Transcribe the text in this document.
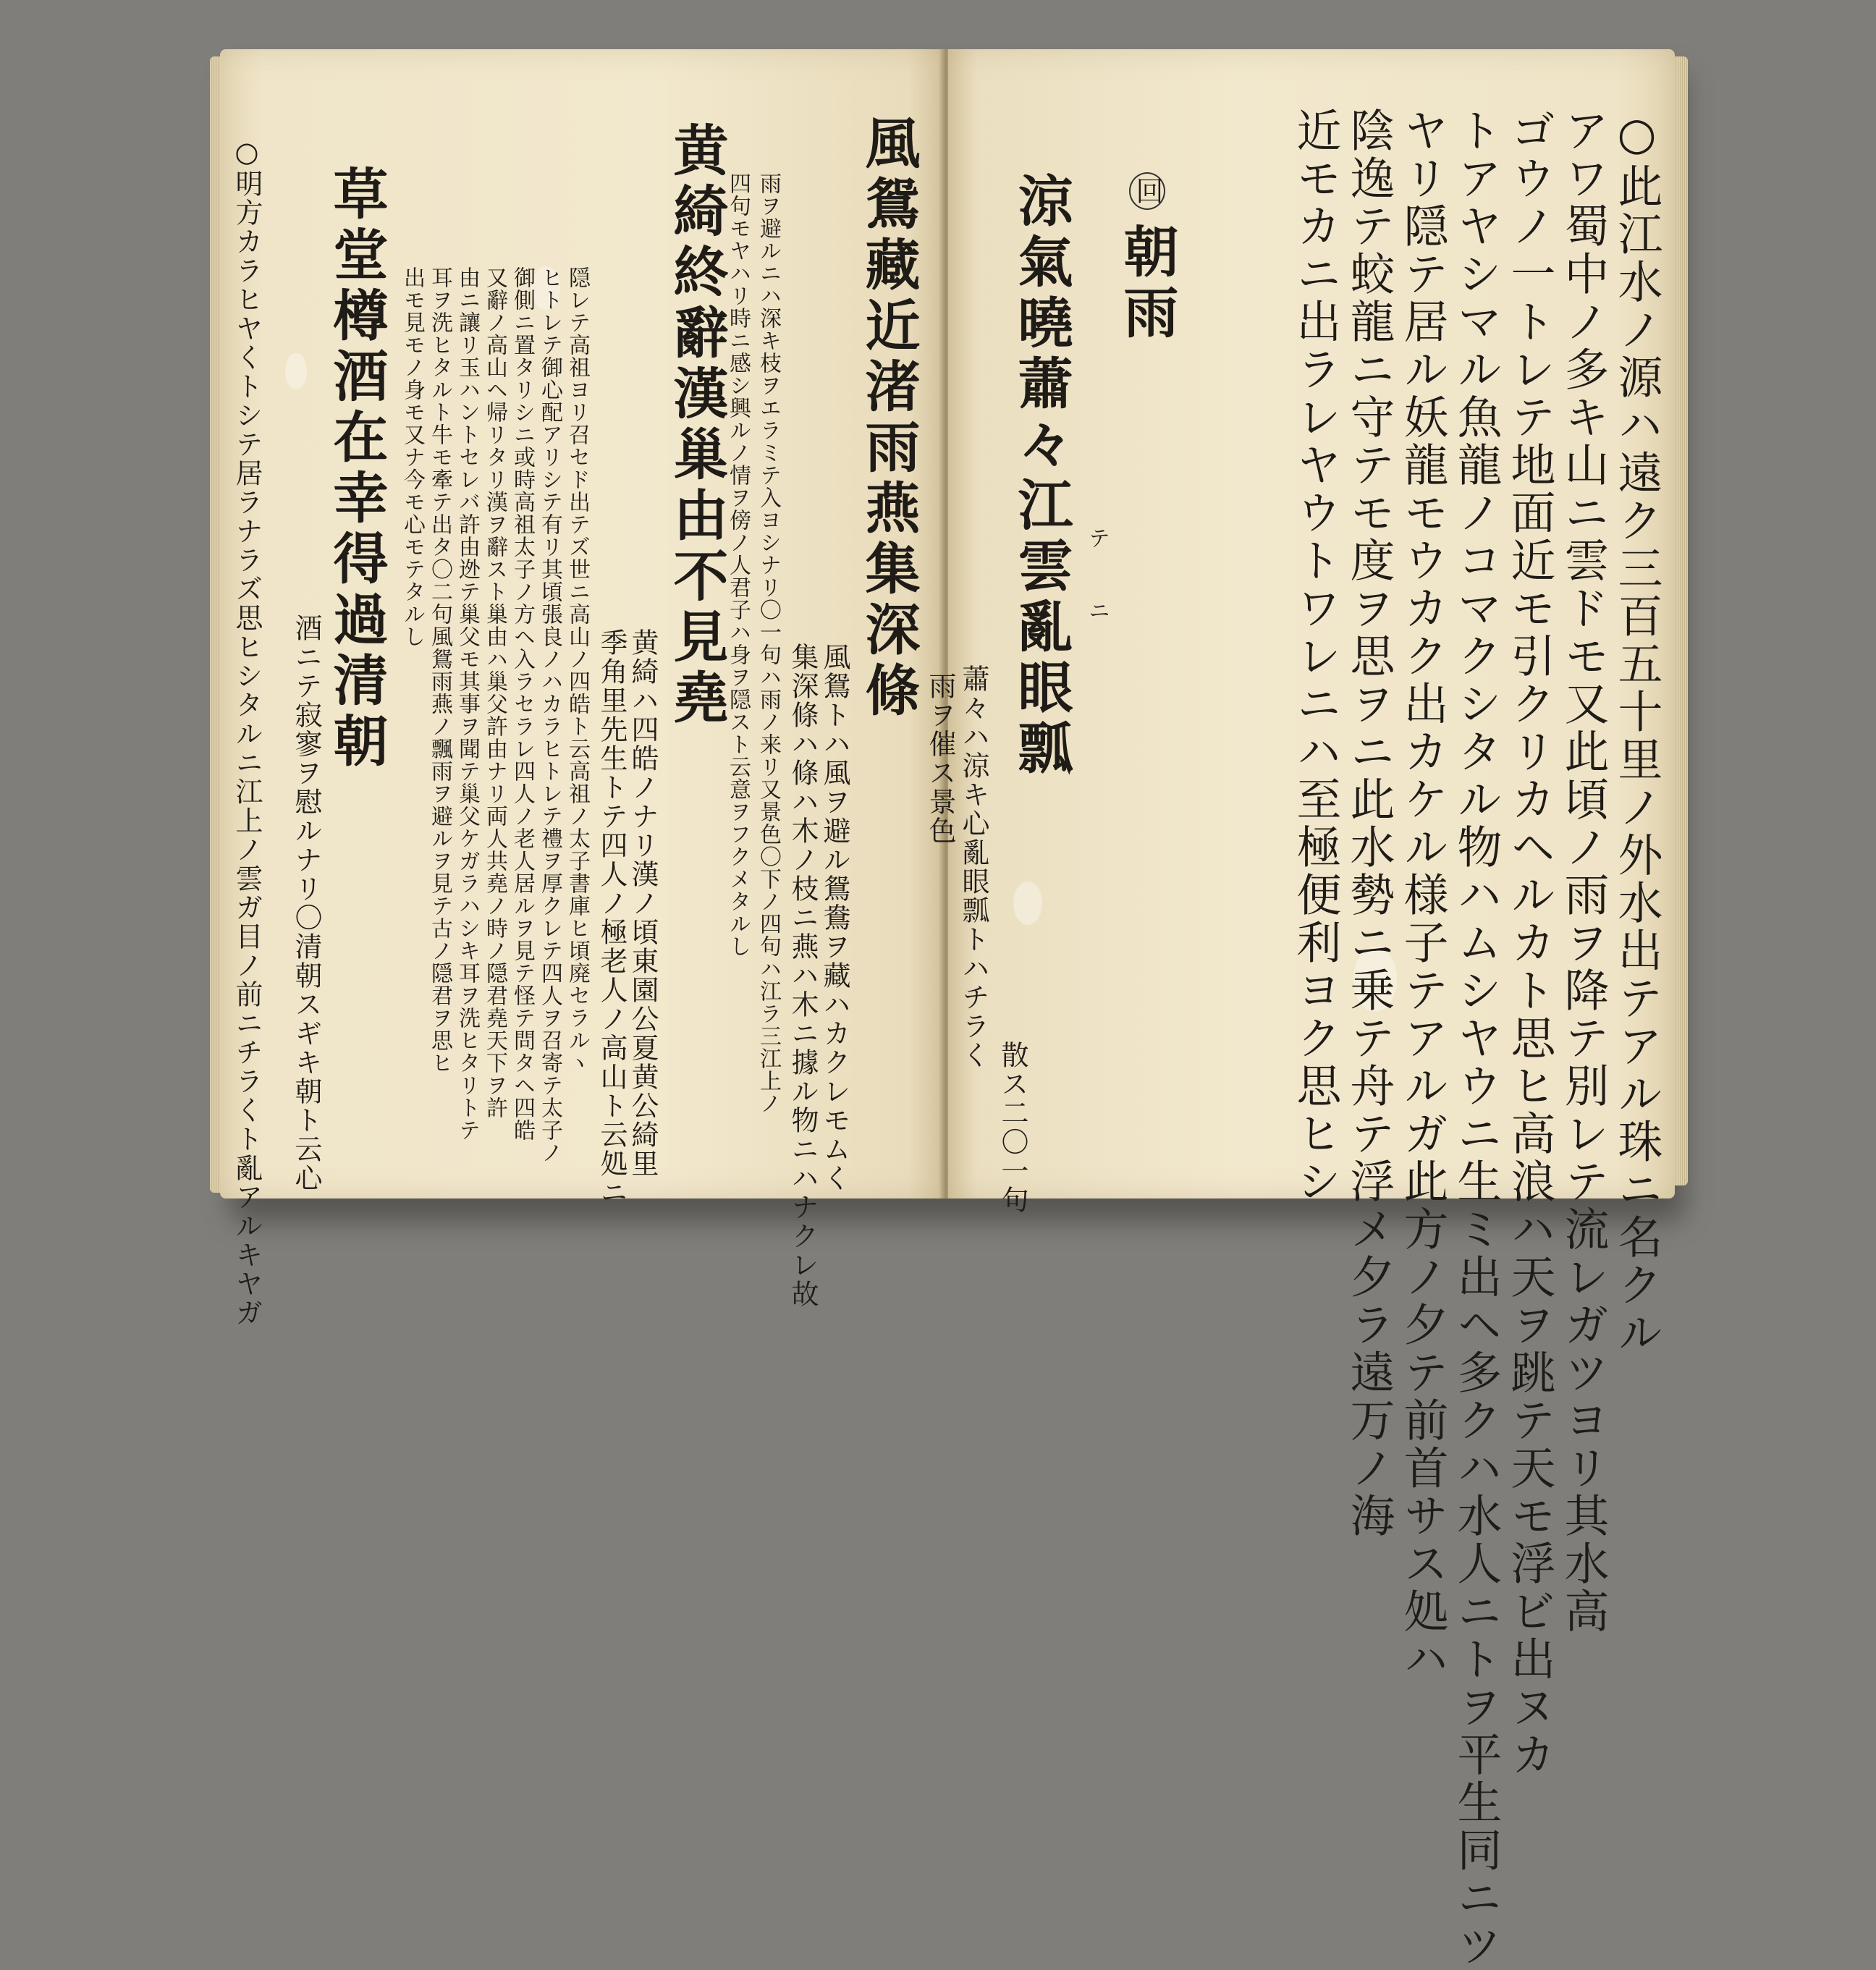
風鴛藏近渚雨燕集深條
風鴛トハ風ヲ避ル鴛鴦ヲ藏ハカクレモムく
集深條ハ條ハ木ノ枝ニ燕ハ木ニ據ル物ニハナクレ故
雨ヲ避ルニハ深キ枝ヲエラミテ入ヨシナリ〇一句ハ雨ノ来リ又景色〇下ノ四句ハ江ラ三江上ノ
四句モヤハリ時ニ感シ興ルノ情ヲ傍ノ人君子ハ身ヲ隠スト云意ヲフクメタルし
黄綺終辭漢巢由不見堯
黄綺ハ四皓ノナリ漢ノ頃東園公夏黄公綺里
季角里先生トテ四人ノ極老人ノ高山ト云処ニ
隠レテ高祖ヨリ召セド出テズ世ニ高山ノ四皓ト云高祖ノ太子書庫ヒ頃廃セラルヽ
ヒトレテ御心配アリシテ有リ其頃張良ノハカラヒトレテ禮ヲ厚クレテ四人ヲ召寄テ太子ノ
御側ニ置タリシニ或時高祖太子ノ方ヘ入ラセラレ四人ノ老人居ルヲ見テ怪テ問タヘ四皓
又辭ノ高山ヘ帰リタリ漢ヲ辭スト巢由ハ巢父許由ナリ両人共堯ノ時ノ隠君堯天下ヲ許
由ニ讓リ玉ハントセレバ許由迯テ巢父モ其事ヲ聞テ巢父ケガラハシキ耳ヲ洗ヒタリトテ
耳ヲ洗ヒタルト牛モ牽テ出タ〇二句風鴛雨燕ノ飄雨ヲ避ルヲ見テ古ノ隠君ヲ思ヒ
出モ見モノ身モ又ナ今モ心モテタルし
草堂樽酒在幸得過清朝
酒ニテ寂寥ヲ慰ルナリ〇清朝スギキ朝ト云心
○明方カラヒヤくトシテ居ラナラズ思ヒシタルニ江上ノ雲ガ目ノ前ニチラくト亂アルキヤガ	○此江水ノ源ハ遠ク三百五十里ノ外水出テアル珠ニ名クル
アワ蜀中ノ多キ山ニ雲ドモ又此頃ノ雨ヲ降テ別レテ流レガツヨリ其水高
ゴウノ一トレテ地面近モ引クリカヘルカト思ヒ高浪ハ天ヲ跳テ天モ浮ビ出ヌカ
トアヤシマル魚龍ノコマクシタル物ハムシヤウニ生ミ出ヘ多クハ水人ニトヲ平生同ニツ
ヤリ隠テ居ル妖龍モウカク出カケル様子テアルガ此方ノ夕テ前首サス処ハ
陰逸テ蛟龍ニ守テモ度ヲ思ヲニ此水勢ニ乗テ舟テ浮メ夕ラ遠万ノ海
近モカニ出ラレヤウトワレニハ至極便利ヨク思ヒシ
回
朝雨
涼氣曉蕭々江雲亂眼瓢 テ
ニ
蕭々ハ涼キ心亂眼瓢トハチラく
雨ヲ催ス景色
散ス二〇一句
